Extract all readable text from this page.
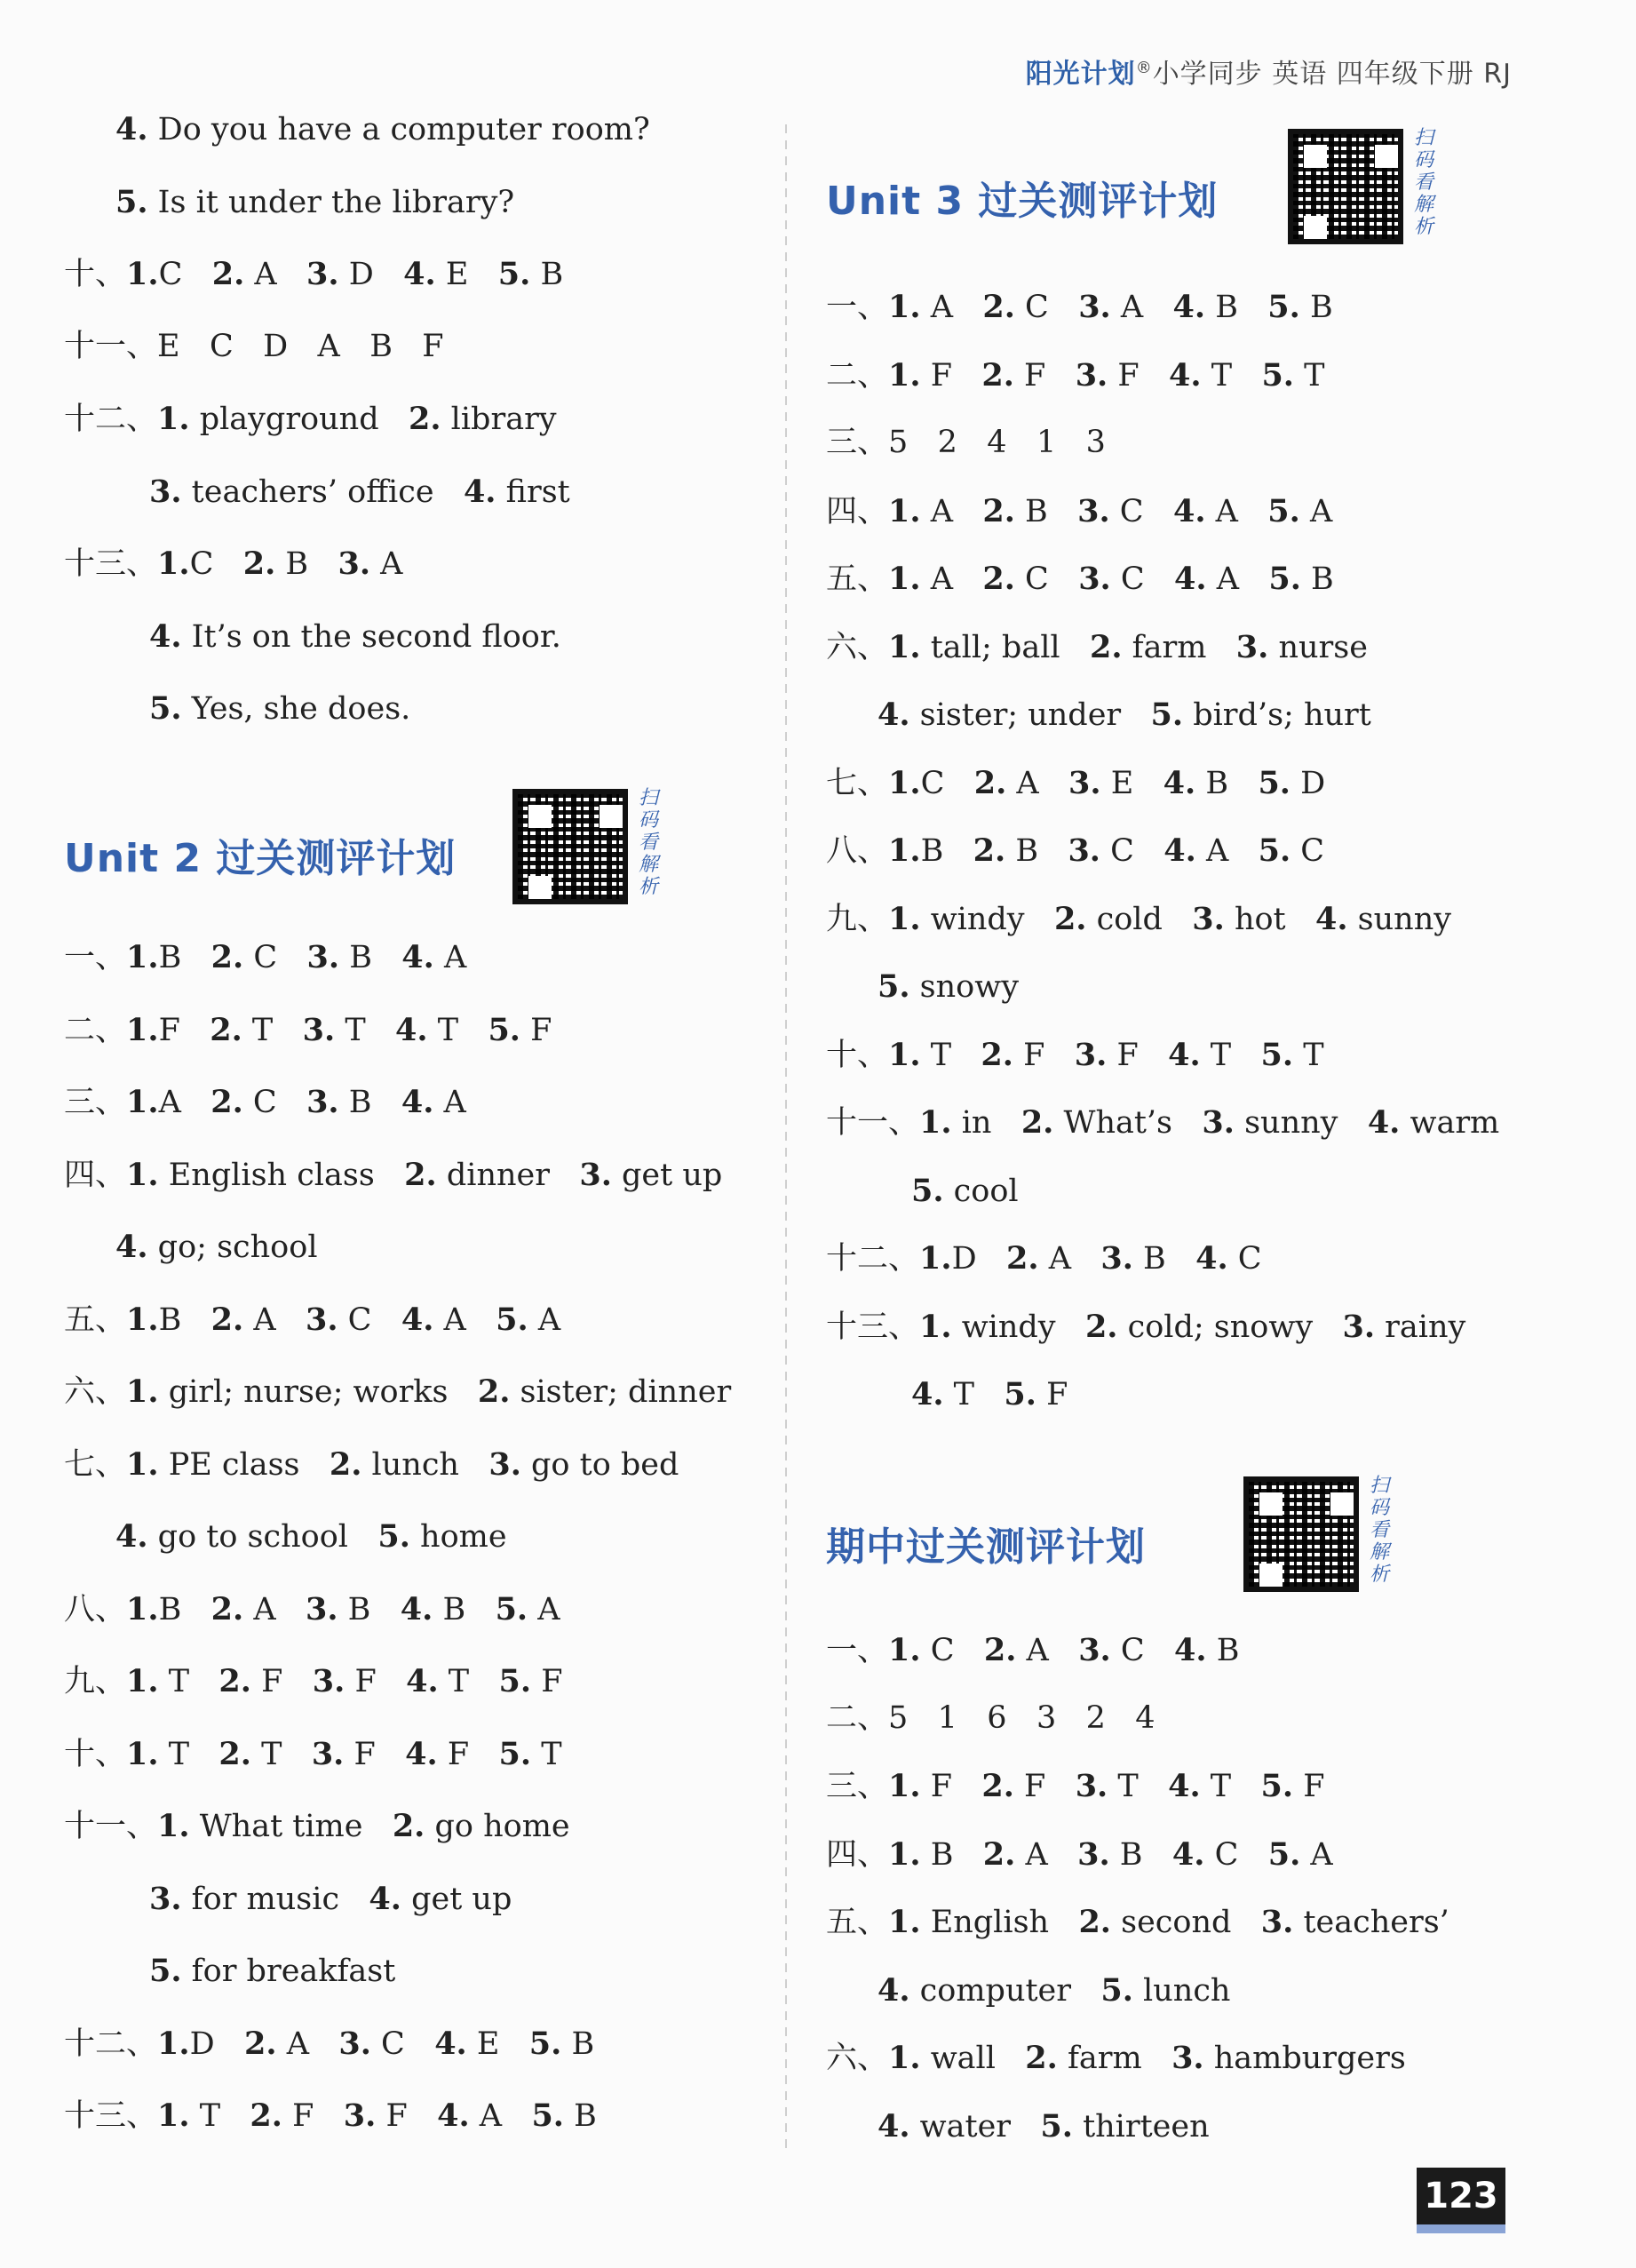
阳光计划®小学同步 英语 四年级下册 RJ
4. Do you have a computer room?
5. Is it under the library?
十、1.C   2. A   3. D   4. E   5. B
十一、E   C   D   A   B   F
十二、1. playground   2. library
3. teachers’ office   4. first
十三、1.C   2. B   3. A
4. It’s on the second floor.
5. Yes, she does.
Unit 2 过关测评计划
扫码看解析
一、1.B   2. C   3. B   4. A
二、1.F   2. T   3. T   4. T   5. F
三、1.A   2. C   3. B   4. A
四、1. English class   2. dinner   3. get up
4. go; school
五、1.B   2. A   3. C   4. A   5. A
六、1. girl; nurse; works   2. sister; dinner
七、1. PE class   2. lunch   3. go to bed
4. go to school   5. home
八、1.B   2. A   3. B   4. B   5. A
九、1. T   2. F   3. F   4. T   5. F
十、1. T   2. T   3. F   4. F   5. T
十一、1. What time   2. go home
3. for music   4. get up
5. for breakfast
十二、1.D   2. A   3. C   4. E   5. B
十三、1. T   2. F   3. F   4. A   5. B
Unit 3 过关测评计划
扫码看解析
一、1. A   2. C   3. A   4. B   5. B
二、1. F   2. F   3. F   4. T   5. T
三、5   2   4   1   3
四、1. A   2. B   3. C   4. A   5. A
五、1. A   2. C   3. C   4. A   5. B
六、1. tall; ball   2. farm   3. nurse
4. sister; under   5. bird’s; hurt
七、1.C   2. A   3. E   4. B   5. D
八、1.B   2. B   3. C   4. A   5. C
九、1. windy   2. cold   3. hot   4. sunny
5. snowy
十、1. T   2. F   3. F   4. T   5. T
十一、1. in   2. What’s   3. sunny   4. warm
5. cool
十二、1.D   2. A   3. B   4. C
十三、1. windy   2. cold; snowy   3. rainy
4. T   5. F
期中过关测评计划
扫码看解析
一、1. C   2. A   3. C   4. B
二、5   1   6   3   2   4
三、1. F   2. F   3. T   4. T   5. F
四、1. B   2. A   3. B   4. C   5. A
五、1. English   2. second   3. teachers’
4. computer   5. lunch
六、1. wall   2. farm   3. hamburgers
4. water   5. thirteen
123
